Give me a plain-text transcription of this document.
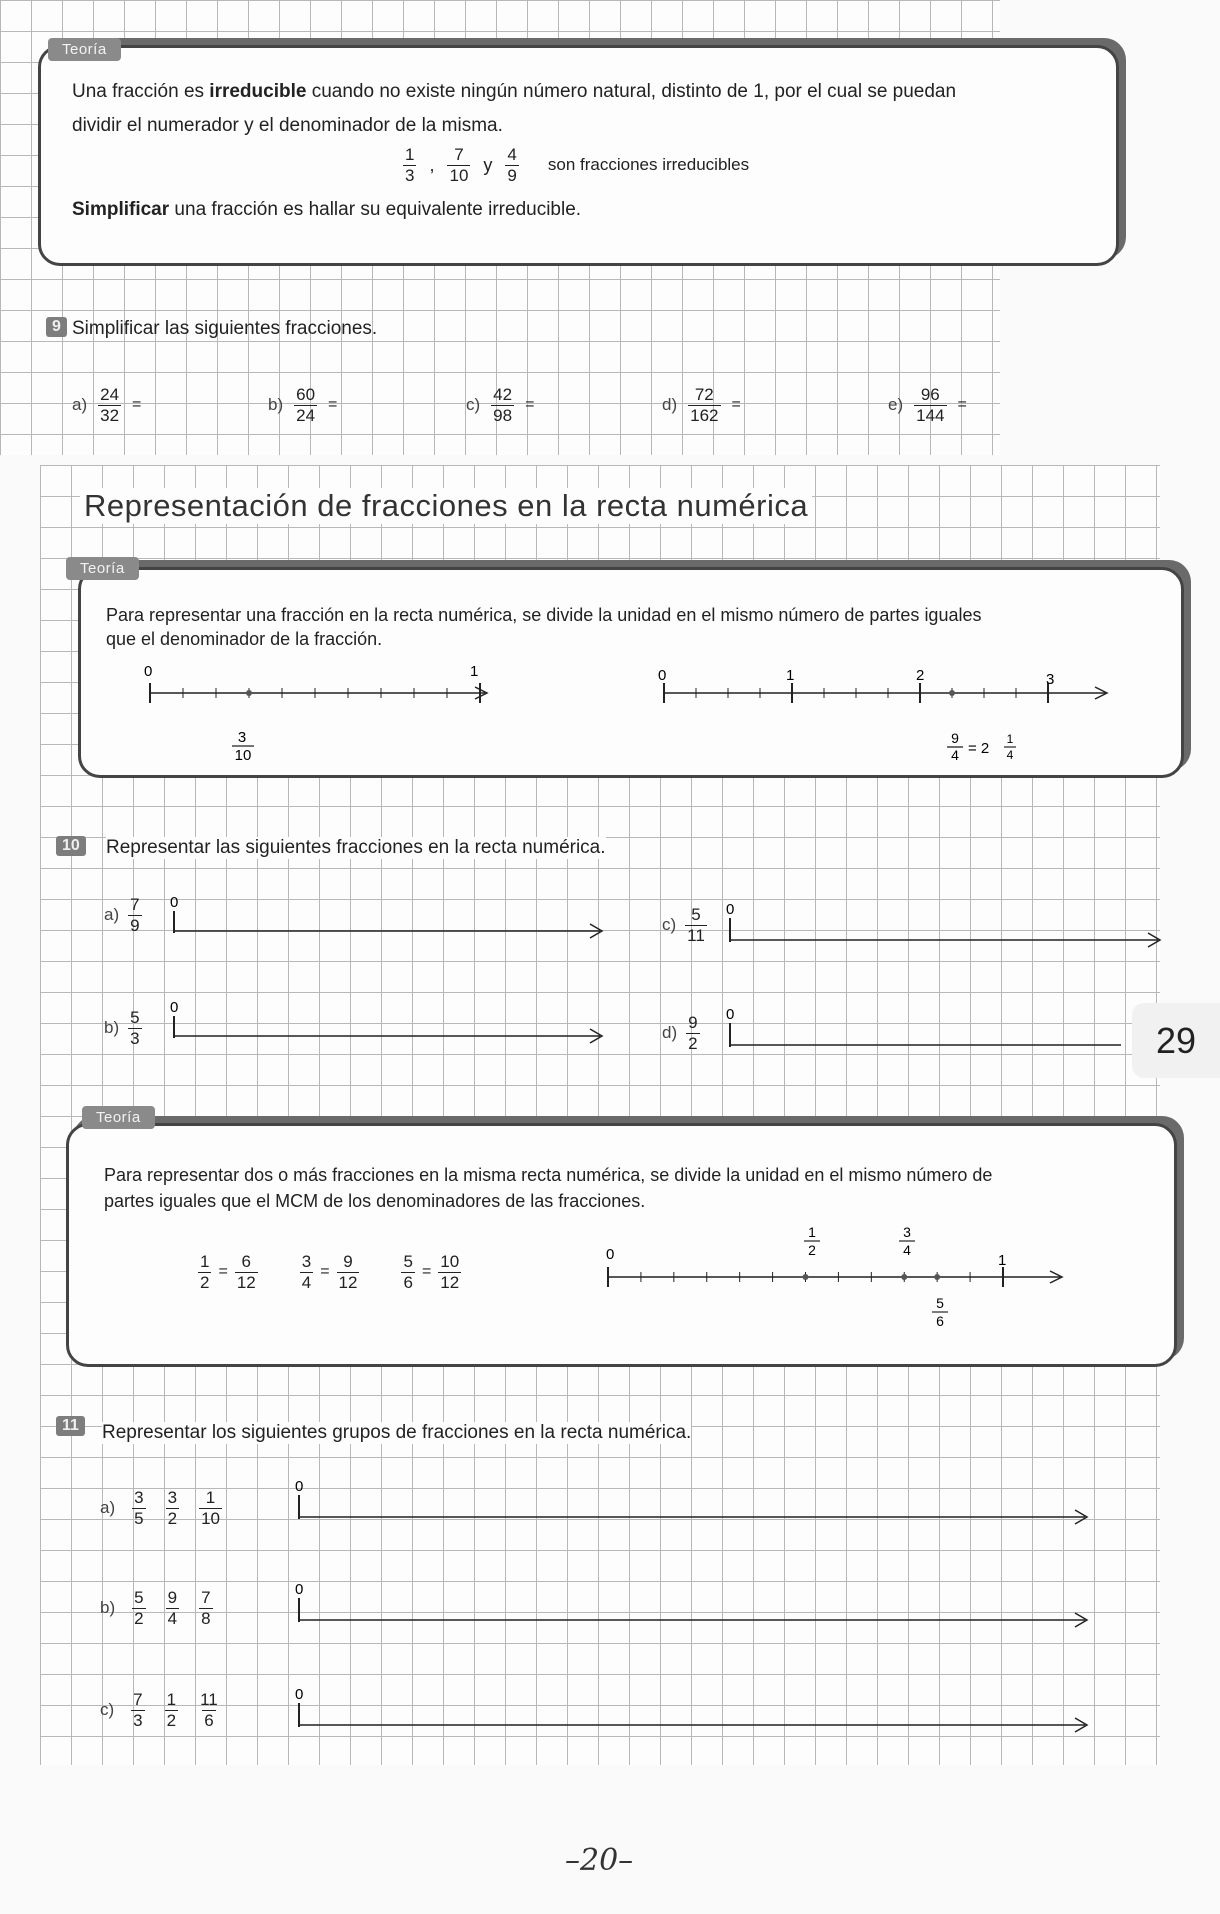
Teoría
Una fracción es irreducible cuando no existe ningún número natural, distinto de 1, por el cual se puedan
dividir el numerador y el denominador de la misma.
$\frac{1}{3}$ , $\frac{7}{10}$ y $\frac{4}{9}$ son fracciones irreducibles
Simplificar una fracción es hallar su equivalente irreducible.
9 Simplificar las siguientes fracciones.
$a) \frac{24}{32}$ =	$b) \frac{60}{24}$ =	$c) \frac{42}{98}$ =	$d) \frac{72}{162}$ =	$e) \frac{96}{144}$ =
Representación de fracciones en la recta numérica
Teoría
Para representar una fracción en la recta numérica, se divide la unidad en el mismo número de partes iguales
que el denominador de la fracción.
0	1
3
10
0	1	2	3
9
4 = 2
1
4
10	Representar las siguientes fracciones en la recta numérica.
$a) \frac{7}{9} 0$
$c) \frac{5}{11} 0$
$b) \frac{5}{3}$
0
$d) \frac{9}{2} 0$
29
Teoría
Para representar dos o más fracciones en la misma recta numérica, se divide la unidad en el mismo número de
partes iguales que el MCM de los denominadores de las fracciones.
$\frac{1}{2} = \frac{6}{12} \frac{3}{4} = \frac{9}{12} \frac{5}{6} = \frac{10}{12}$	0	1
1
2
3
4
5
6
11	Representar los siguientes grupos de fracciones en la recta numérica.
$a) \frac{3}{5} \frac{3}{2} \frac{1}{10}$
0
$b) \frac{5}{2} \frac{9}{4} \frac{7}{8}$	0
$c) \frac{7}{3} \frac{1}{2} \frac{11}{6}$	0
–20–
